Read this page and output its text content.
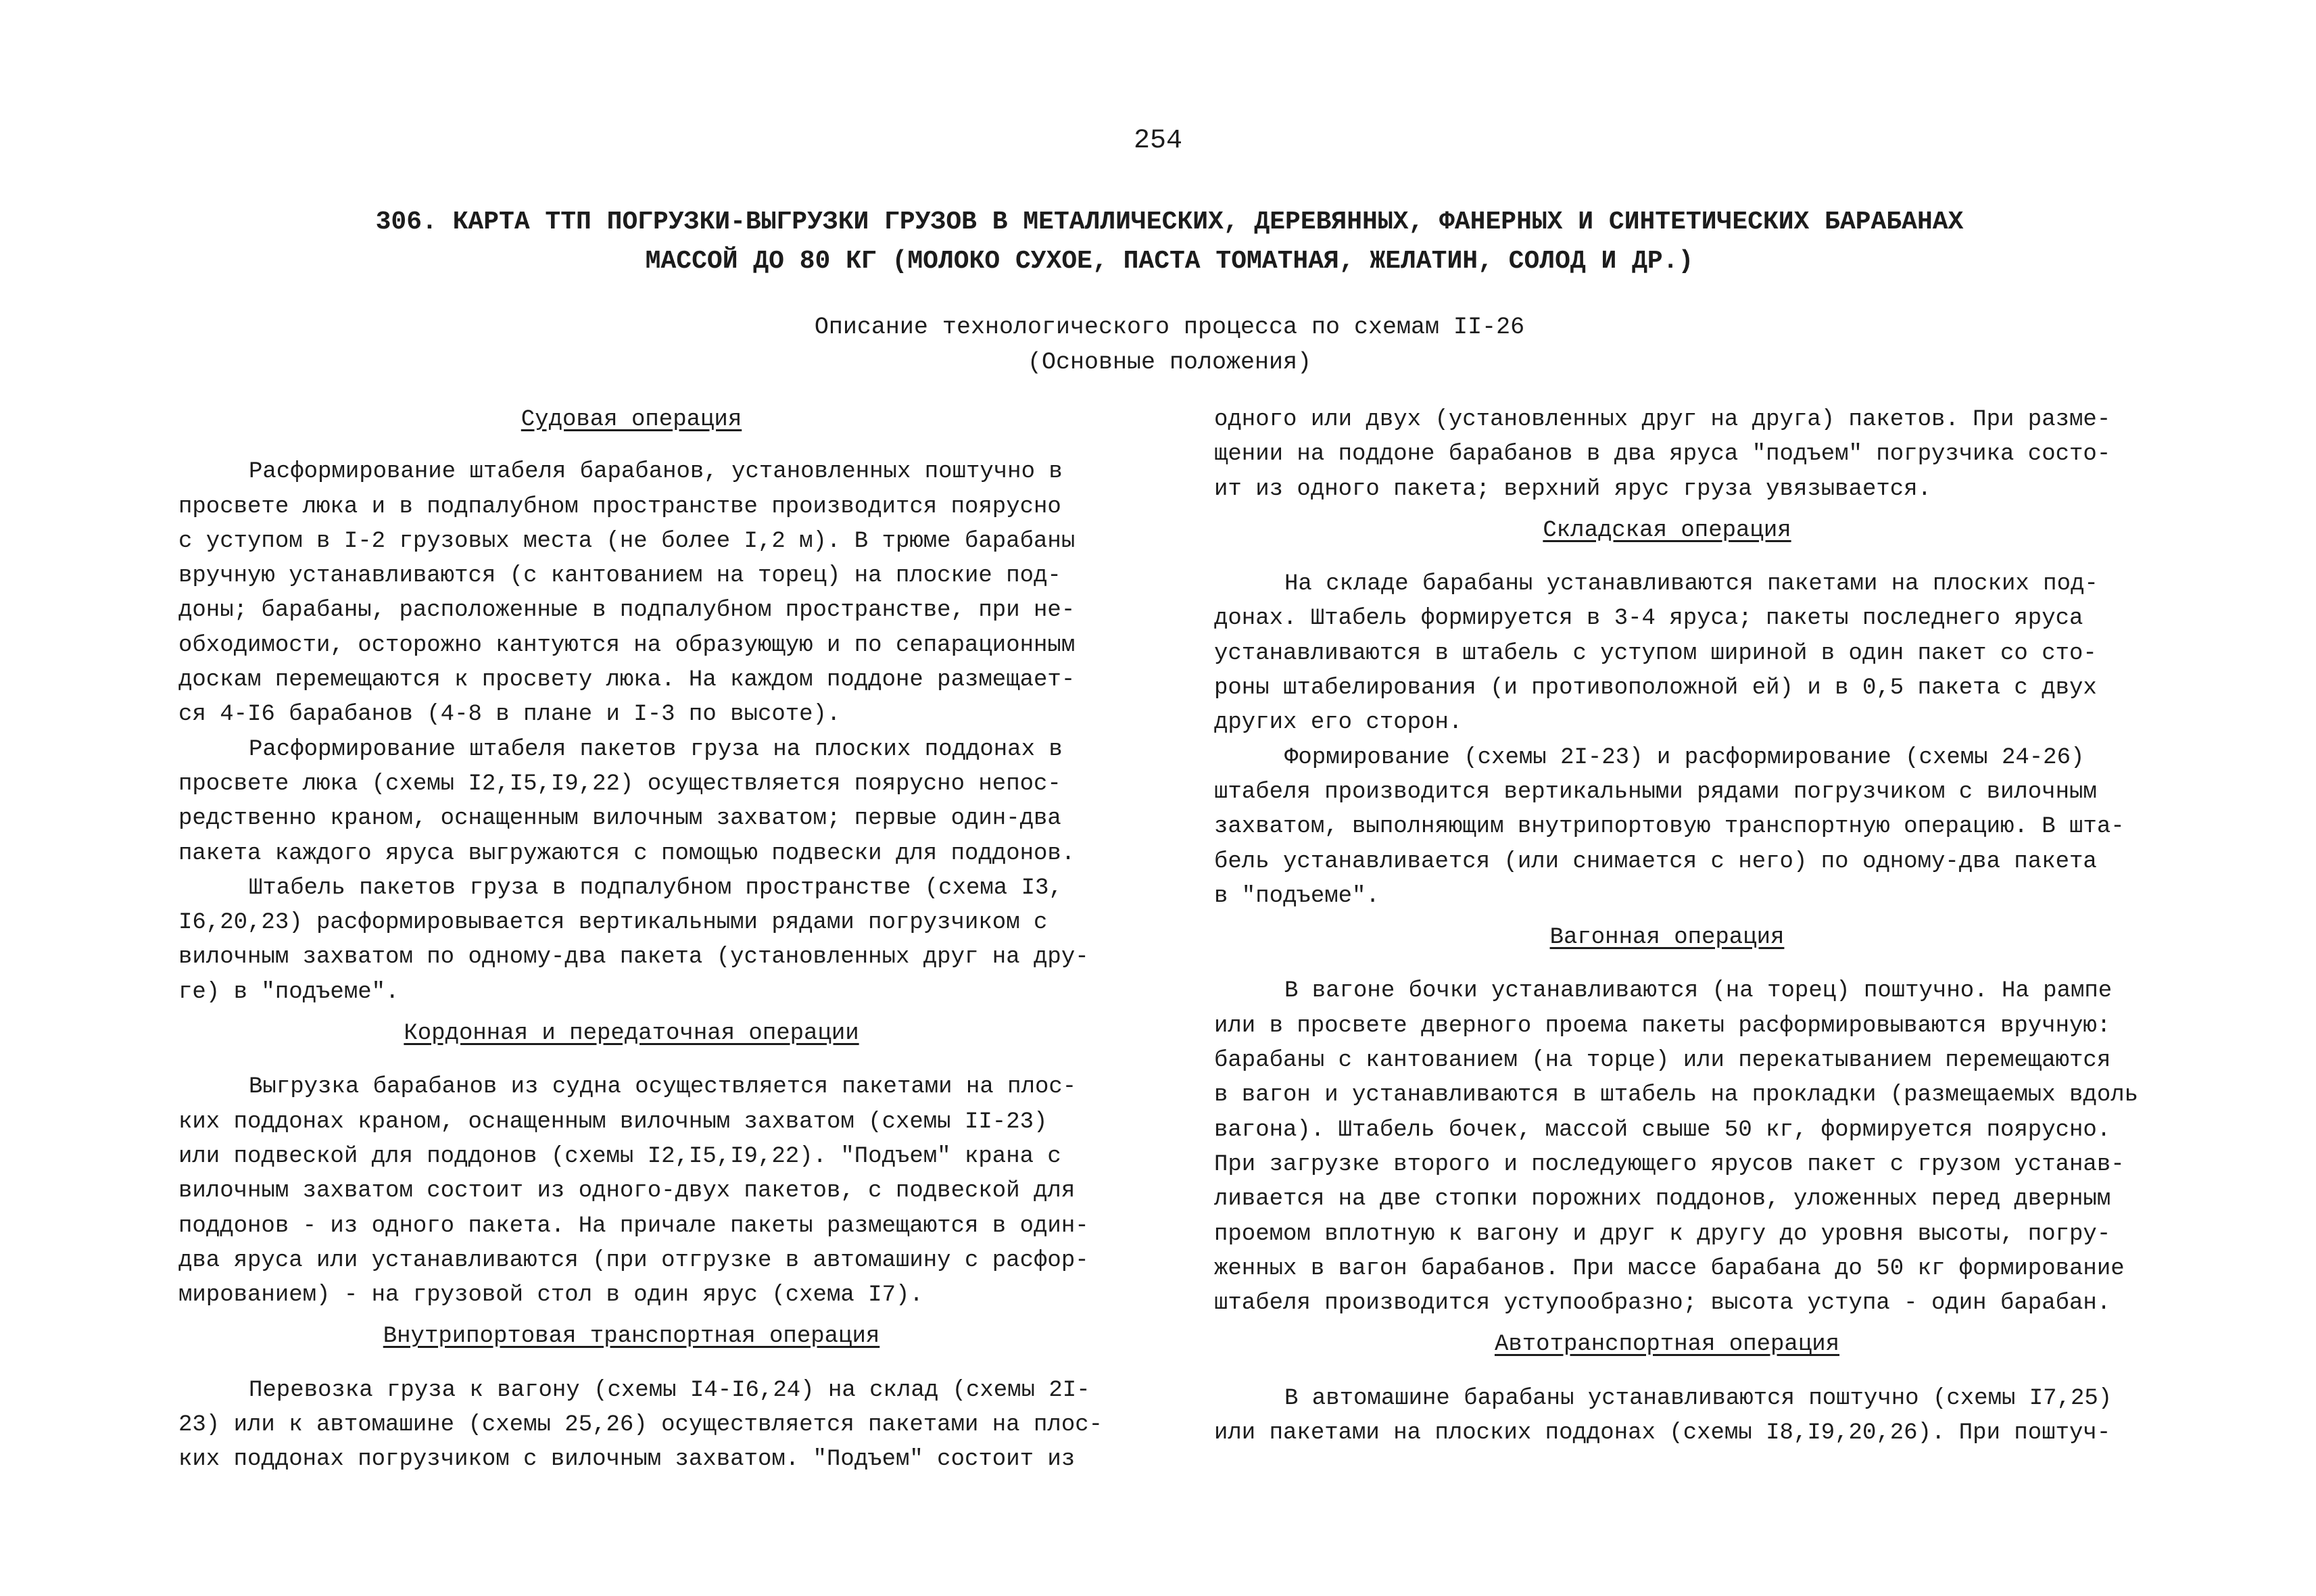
254
306. КАРТА ТТП ПОГРУЗКИ-ВЫГРУЗКИ ГРУЗОВ В МЕТАЛЛИЧЕСКИХ, ДЕРЕВЯННЫХ, ФАНЕРНЫХ И СИНТЕТИЧЕСКИХ БАРАБАНАХ
МАССОЙ ДО 80 КГ (МОЛОКО СУХОЕ, ПАСТА ТОМАТНАЯ, ЖЕЛАТИН, СОЛОД И ДР.)
Описание технологического процесса по схемам II-26
(Основные положения)
Судовая операция
Расформирование штабеля барабанов, установленных поштучно в
просвете люка и в подпалубном пространстве производится поярусно
с уступом в I-2 грузовых места (не более I,2 м). В трюме барабаны
вручную устанавливаются (с кантованием на торец) на плоские под-
доны; барабаны, расположенные в подпалубном пространстве, при не-
обходимости, осторожно кантуются на образующую и по сепарационным
доскам перемещаются к просвету люка. На каждом поддоне размещает-
ся 4-I6 барабанов (4-8 в плане и I-3 по высоте).
Расформирование штабеля пакетов груза на плоских поддонах в
просвете люка (схемы I2,I5,I9,22) осуществляется поярусно непос-
редственно краном, оснащенным вилочным захватом; первые один-два
пакета каждого яруса выгружаются с помощью подвески для поддонов.
Штабель пакетов груза в подпалубном пространстве (схема I3,
I6,20,23) расформировывается вертикальными рядами погрузчиком с
вилочным захватом по одному-два пакета (установленных друг на дру-
ге) в "подъеме".
Кордонная и передаточная операции
Выгрузка барабанов из судна осуществляется пакетами на плос-
ких поддонах краном, оснащенным вилочным захватом (схемы II-23)
или подвеской для поддонов (схемы I2,I5,I9,22). "Подъем" крана с
вилочным захватом состоит из одного-двух пакетов, с подвеской для
поддонов - из одного пакета. На причале пакеты размещаются в один-
два яруса или устанавливаются (при отгрузке в автомашину с расфор-
мированием) - на грузовой стол в один ярус (схема I7).
Внутрипортовая транспортная операция
Перевозка груза к вагону (схемы I4-I6,24) на склад (схемы 2I-
23) или к автомашине (схемы 25,26) осуществляется пакетами на плос-
ких поддонах погрузчиком с вилочным захватом. "Подъем" состоит из
одного или двух (установленных друг на друга) пакетов. При разме-
щении на поддоне барабанов в два яруса "подъем" погрузчика состо-
ит из одного пакета; верхний ярус груза увязывается.
Складская операция
На складе барабаны устанавливаются пакетами на плоских под-
донах. Штабель формируется в 3-4 яруса; пакеты последнего яруса
устанавливаются в штабель с уступом шириной в один пакет со сто-
роны штабелирования (и противоположной ей) и в 0,5 пакета с двух
других его сторон.
Формирование (схемы 2I-23) и расформирование (схемы 24-26)
штабеля производится вертикальными рядами погрузчиком с вилочным
захватом, выполняющим внутрипортовую транспортную операцию. В шта-
бель устанавливается (или снимается с него) по одному-два пакета
в "подъеме".
Вагонная операция
В вагоне бочки устанавливаются (на торец) поштучно. На рампе
или в просвете дверного проема пакеты расформировываются вручную:
барабаны с кантованием (на торце) или перекатыванием перемещаются
в вагон и устанавливаются в штабель на прокладки (размещаемых вдоль
вагона). Штабель бочек, массой свыше 50 кг, формируется поярусно.
При загрузке второго и последующего ярусов пакет с грузом устанав-
ливается на две стопки порожних поддонов, уложенных перед дверным
проемом вплотную к вагону и друг к другу до уровня высоты, погру-
женных в вагон барабанов. При массе барабана до 50 кг формирование
штабеля производится уступообразно; высота уступа - один барабан.
Автотранспортная операция
В автомашине барабаны устанавливаются поштучно (схемы I7,25)
или пакетами на плоских поддонах (схемы I8,I9,20,26). При поштуч-
